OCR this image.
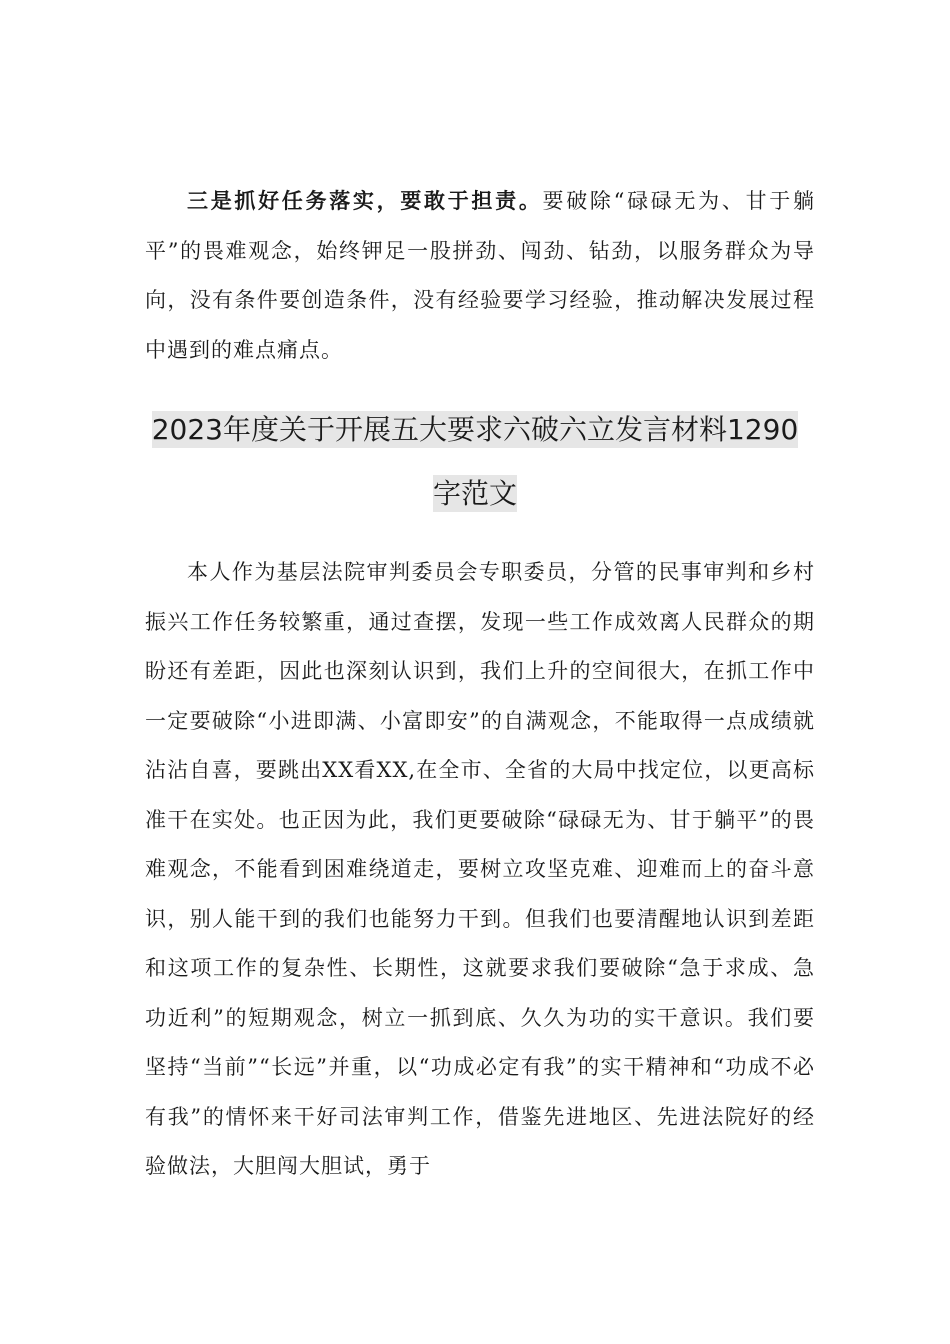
三是抓好任务落实，要敢于担责。要破除“碌碌无为、甘于躺平”的畏难观念，始终钾足一股拼劲、闯劲、钻劲，以服务群众为导向，没有条件要创造条件，没有经验要学习经验，推动解决发展过程中遇到的难点痛点。

2023年度关于开展五大要求六破六立发言材料1290
字范文

本人作为基层法院审判委员会专职委员，分管的民事审判和乡村振兴工作任务较繁重，通过查摆，发现一些工作成效离人民群众的期盼还有差距，因此也深刻认识到，我们上升的空间很大，在抓工作中一定要破除“小进即满、小富即安”的自满观念，不能取得一点成绩就沾沾自喜，要跳出XX看XX,在全市、全省的大局中找定位，以更高标准干在实处。也正因为此，我们更要破除“碌碌无为、甘于躺平”的畏难观念，不能看到困难绕道走，要树立攻坚克难、迎难而上的奋斗意识，别人能干到的我们也能努力干到。但我们也要清醒地认识到差距和这项工作的复杂性、长期性，这就要求我们要破除“急于求成、急功近利”的短期观念，树立一抓到底、久久为功的实干意识。我们要坚持“当前”“长远”并重，以“功成必定有我”的实干精神和“功成不必有我”的情怀来干好司法审判工作，借鉴先进地区、先进法院好的经验做法，大胆闯大胆试，勇于
